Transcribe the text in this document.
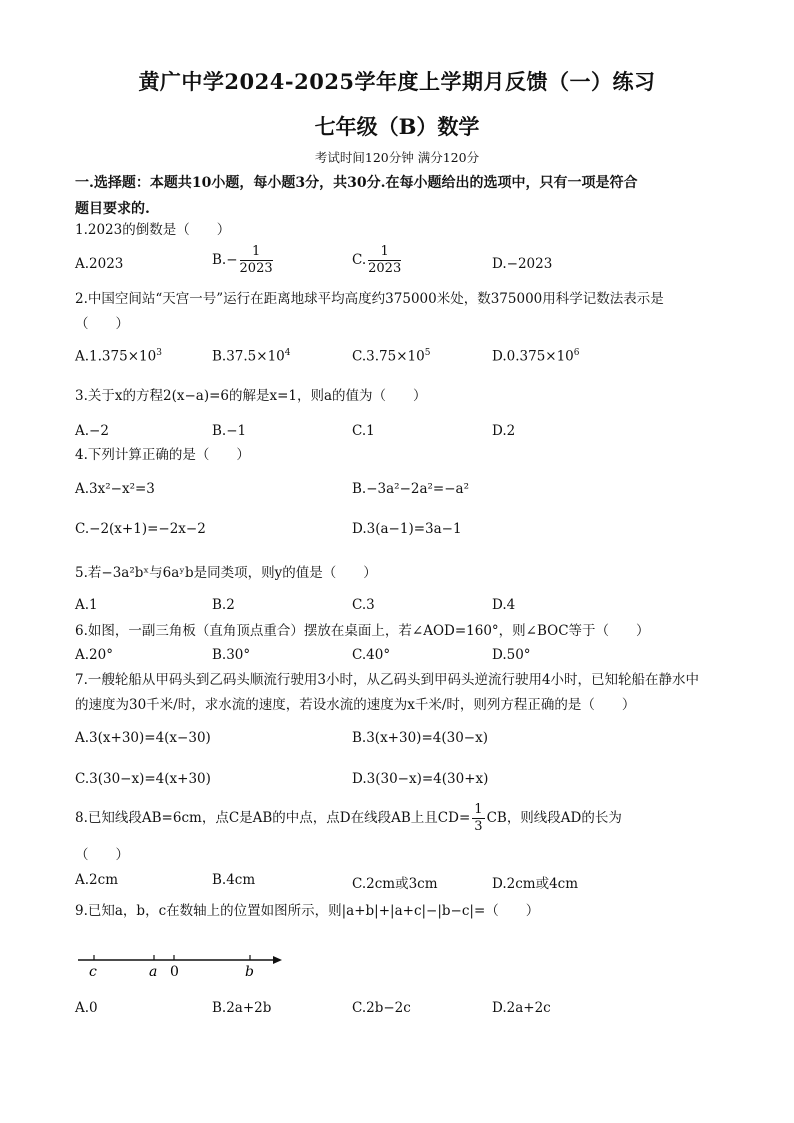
黄广中学2024-2025学年度上学期月反馈（一）练习
七年级（B）数学
考试时间120分钟 满分120分
一.选择题：本题共10小题，每小题3分，共30分.在每小题给出的选项中，只有一项是符合
题目要求的.
1.2023的倒数是（　　）
A.2023	$B.- \frac{1}{2023}$	C. $\frac{1}{2023}$	D.−2023
2.中国空间站“天宫一号”运行在距离地球平均高度约375000米处，数375000用科学记数法表示是
（　　）
$A.1.375\times 10^3$	$B.37.5\times 10^4$	$C.3.75\times 10^5$	$D.0.375\times 10^6$
3.关于x的方程2(x−a)=6的解是x=1，则a的值为（　　）
A.−2	B.−1	C.1	D.2
4.下列计算正确的是（　　）
A.3x²−x²=3	B.−3a²−2a²=−a²
C.−2(x+1)=−2x−2	D.3(a−1)=3a−1
5.若−3a²bˣ与6aʸb是同类项，则y的值是（　　）
A.1	B.2	C.3	D.4
6.如图，一副三角板（直角顶点重合）摆放在桌面上，若∠AOD=160°，则∠BOC等于（　　）
A.20°	B.30°	C.40°	D.50°
7.一艘轮船从甲码头到乙码头顺流行驶用3小时，从乙码头到甲码头逆流行驶用4小时，已知轮船在静水中
的速度为30千米/时，求水流的速度，若设水流的速度为x千米/时，则列方程正确的是（　　）
A.3(x+30)=4(x−30)	B.3(x+30)=4(30−x)
C.3(30−x)=4(x+30)	D.3(30−x)=4(30+x)
8.已知线段AB=6cm，点C是AB的中点，点D在线段AB上且$CD= \frac{1}{3}$ CB，则线段AD的长为
（　　）
A.2cm	B.4cm	C.2cm或3cm	D.2cm或4cm
9.已知a，b，c在数轴上的位置如图所示，则|a+b|+|a+c|−|b−c|=（　　）
c	a 0	b
A.0	B.2a+2b	C.2b−2c	D.2a+2c
